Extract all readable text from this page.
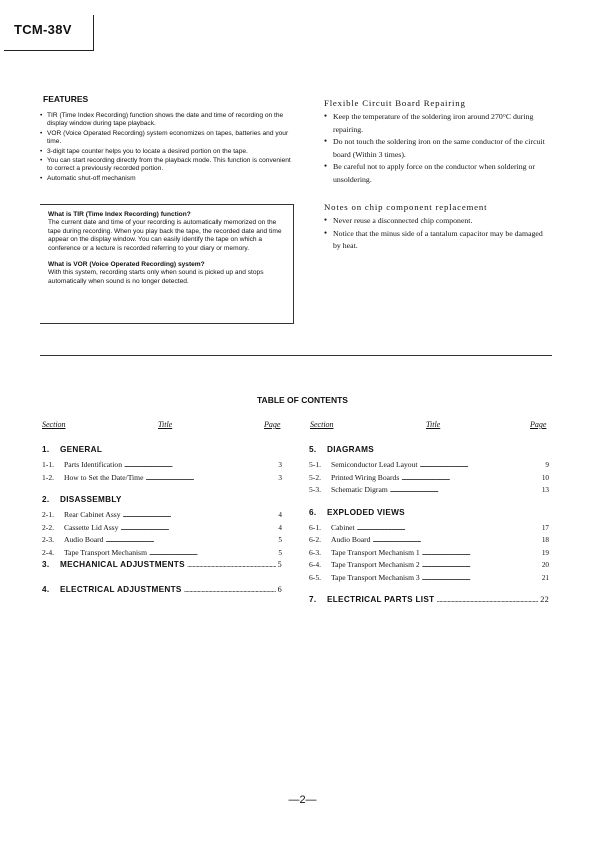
TCM-38V
FEATURES
• TIR (Time Index Recording) function shows the date and time of recording on the display window during tape playback.
• VOR (Voice Operated Recording) system economizes on tapes, batteries and your time.
• 3-digit tape counter helps you to locate a desired portion on the tape.
• You can start recording directly from the playback mode. This function is convenient to correct a previously recorded portion.
• Automatic shut-off mechanism
What is TIR (Time Index Recording) function?
The current date and time of your recording is automatically memorized on the tape during recording. When you play back the tape, the recorded date and time appear on the display window. You can easily identify the tape on which a conference or a lecture is recorded referring to your diary or memory.
What is VOR (Voice Operated Recording) system?
With this system, recording starts only when sound is picked up and stops automatically when sound is no longer detected.
Flexible Circuit Board Repairing
● Keep the temperature of the soldering iron around 270°C during repairing.
● Do not touch the soldering iron on the same conductor of the circuit board (Within 3 times).
● Be careful not to apply force on the conductor when soldering or unsoldering.
Notes on chip component replacement
● Never reuse a disconnected chip component.
● Notice that the minus side of a tantalum capacitor may be damaged by heat.
TABLE OF CONTENTS
Section	Title	Page	Section	Title	Page
1.	GENERAL
1-1.	Parts Identification . . .	3
1-2.	How to Set the Date/Time . . .	3
2.	DISASSEMBLY
2-1.	Rear Cabinet Assy . . .	4
2-2.	Cassette Lid Assy . . .	4
2-3.	Audio Board . . .	5
2-4.	Tape Transport Mechanism . . .	5
3.	MECHANICAL ADJUSTMENTS . . .	5
4.	ELECTRICAL ADJUSTMENTS . . .	6
5.	DIAGRAMS
5-1.	Semiconductor Lead Layout . . .	9
5-2.	Printed Wiring Boards . . .	10
5-3.	Schematic Digram . . .	13
6.	EXPLODED VIEWS
6-1.	Cabinet . . .	17
6-2.	Audio Board . . .	18
6-3.	Tape Transport Mechanism 1 . . .	19
6-4.	Tape Transport Mechanism 2 . . .	20
6-5.	Tape Transport Mechanism 3 . . .	21
7.	ELECTRICAL PARTS LIST . . .	22
—2—
